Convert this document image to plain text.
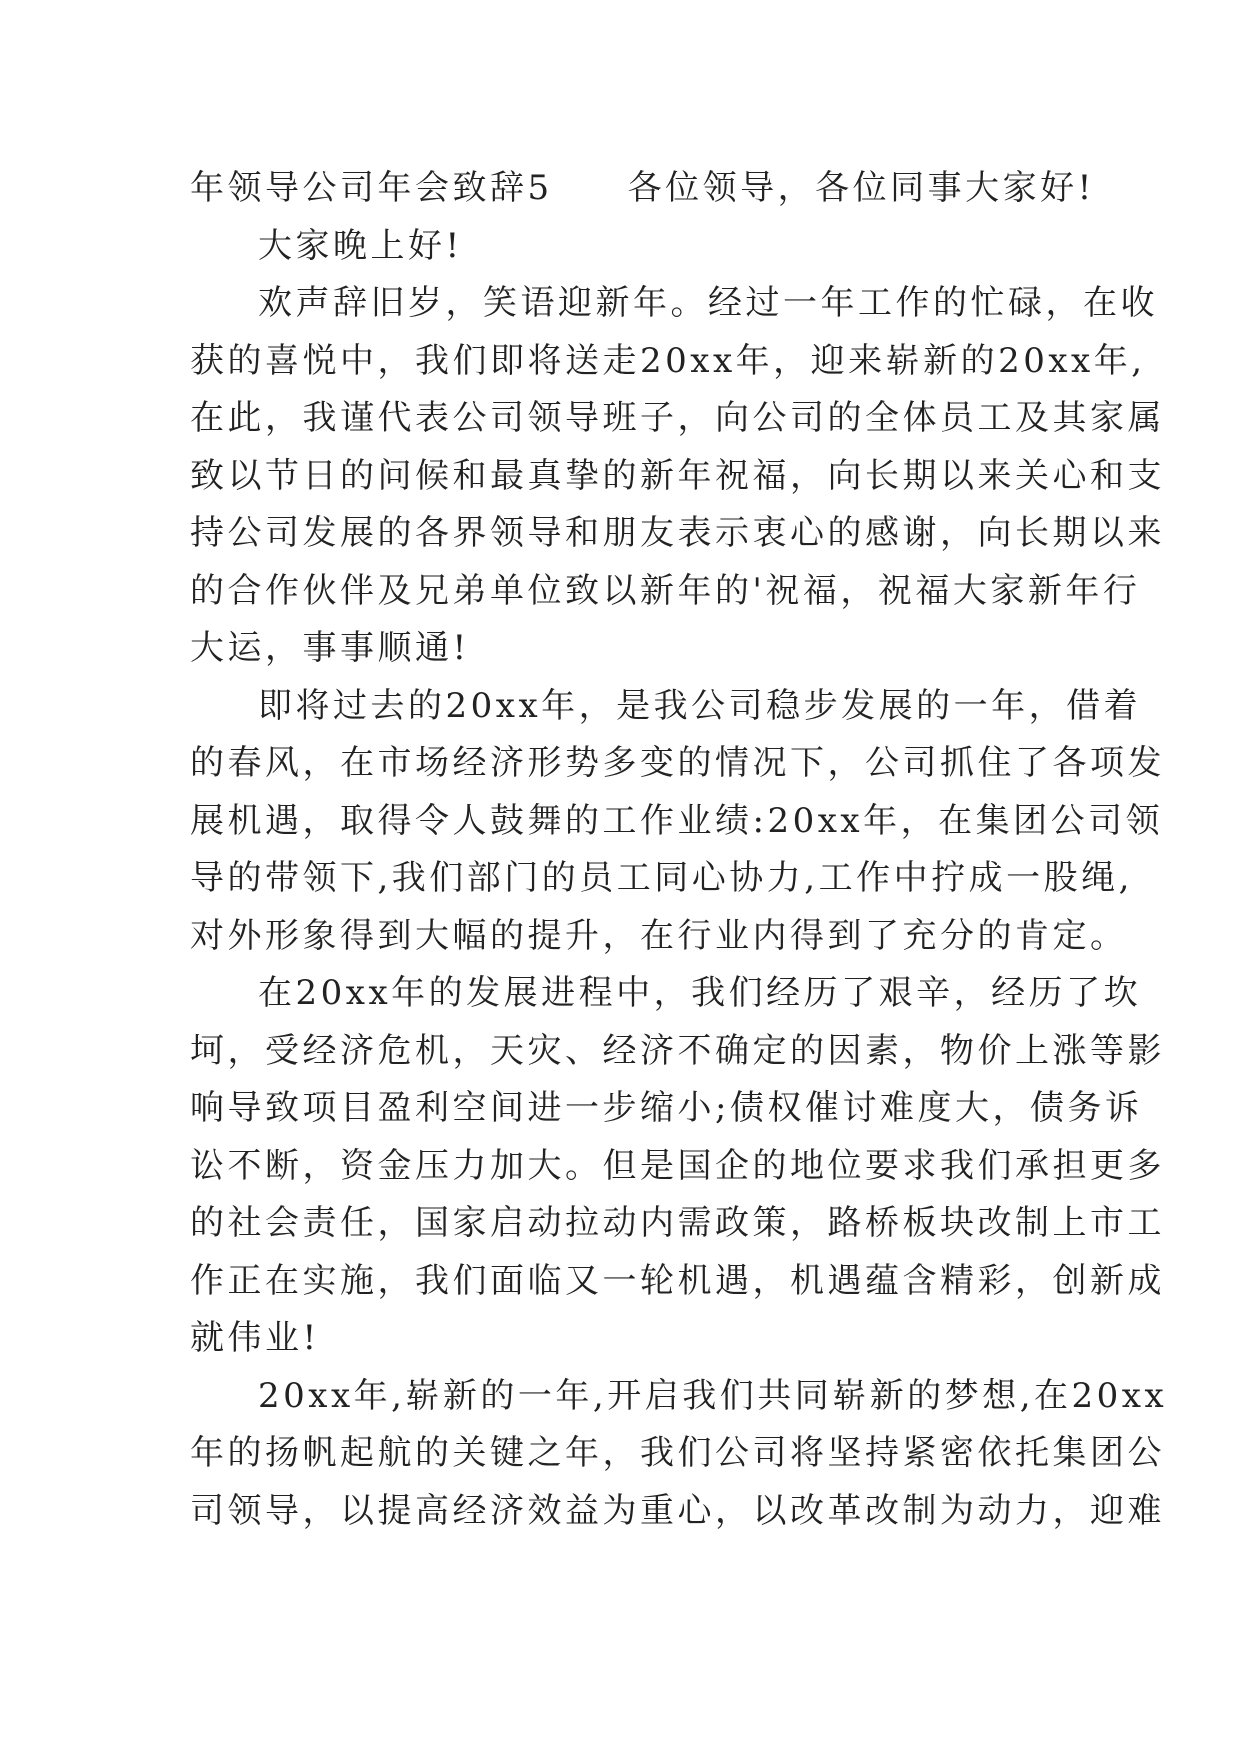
年领导公司年会致辞5　　各位领导，各位同事大家好!
大家晚上好!
欢声辞旧岁，笑语迎新年。经过一年工作的忙碌，在收
获的喜悦中，我们即将送走20xx年，迎来崭新的20xx年,
在此，我谨代表公司领导班子，向公司的全体员工及其家属
致以节日的问候和最真挚的新年祝福，向长期以来关心和支
持公司发展的各界领导和朋友表示衷心的感谢，向长期以来
的合作伙伴及兄弟单位致以新年的'祝福，祝福大家新年行
大运，事事顺通!
即将过去的20xx年，是我公司稳步发展的一年，借着
的春风，在市场经济形势多变的情况下，公司抓住了各项发
展机遇，取得令人鼓舞的工作业绩:20xx年，在集团公司领
导的带领下,我们部门的员工同心协力,工作中拧成一股绳,
对外形象得到大幅的提升，在行业内得到了充分的肯定。
在20xx年的发展进程中，我们经历了艰辛，经历了坎
坷，受经济危机，天灾、经济不确定的因素，物价上涨等影
响导致项目盈利空间进一步缩小;债权催讨难度大，债务诉
讼不断，资金压力加大。但是国企的地位要求我们承担更多
的社会责任，国家启动拉动内需政策，路桥板块改制上市工
作正在实施，我们面临又一轮机遇，机遇蕴含精彩，创新成
就伟业!
20xx年,崭新的一年,开启我们共同崭新的梦想,在20xx
年的扬帆起航的关键之年，我们公司将坚持紧密依托集团公
司领导，以提高经济效益为重心，以改革改制为动力，迎难
